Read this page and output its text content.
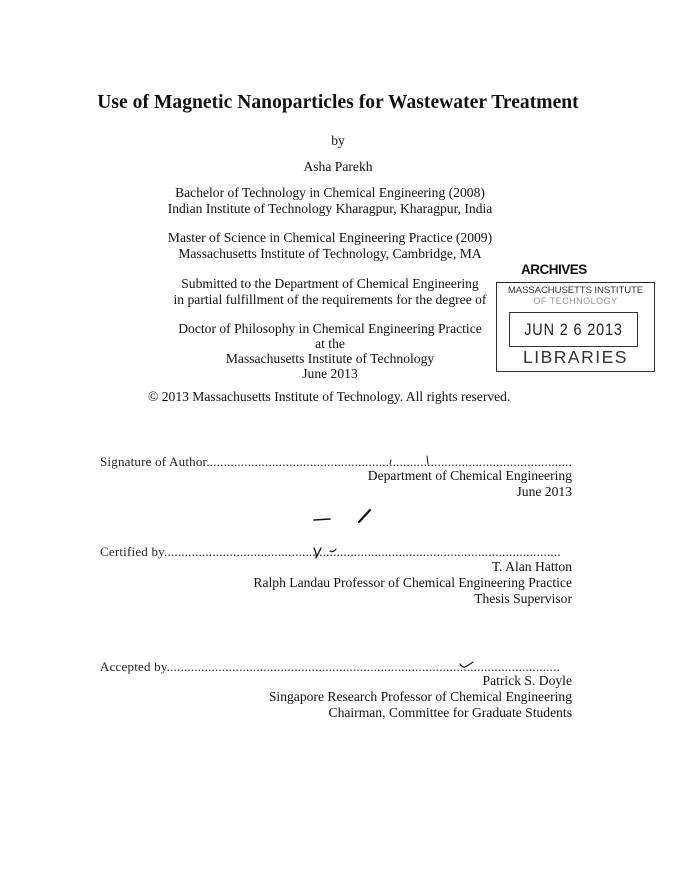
Use of Magnetic Nanoparticles for Wastewater Treatment
by
Asha Parekh
Bachelor of Technology in Chemical Engineering (2008)
Indian Institute of Technology Kharagpur, Kharagpur, India
Master of Science in Chemical Engineering Practice (2009)
Massachusetts Institute of Technology, Cambridge, MA
Submitted to the Department of Chemical Engineering
in partial fulfillment of the requirements for the degree of
Doctor of Philosophy in Chemical Engineering Practice
at the
Massachusetts Institute of Technology
June 2013
ARCHIVES
MASSACHUSETTS INSTITUTE
OF TECHNOLOGY
JUN 2 6 2013
LIBRARIES
© 2013 Massachusetts Institute of Technology. All rights reserved.
Signature of Author..........................................................................................................
Department of Chemical Engineering
June 2013
Certified by...................................................................................................................
T. Alan Hatton
Ralph Landau Professor of Chemical Engineering Practice
Thesis Supervisor
Accepted by..................................................................................................................
Patrick S. Doyle
Singapore Research Professor of Chemical Engineering
Chairman, Committee for Graduate Students
